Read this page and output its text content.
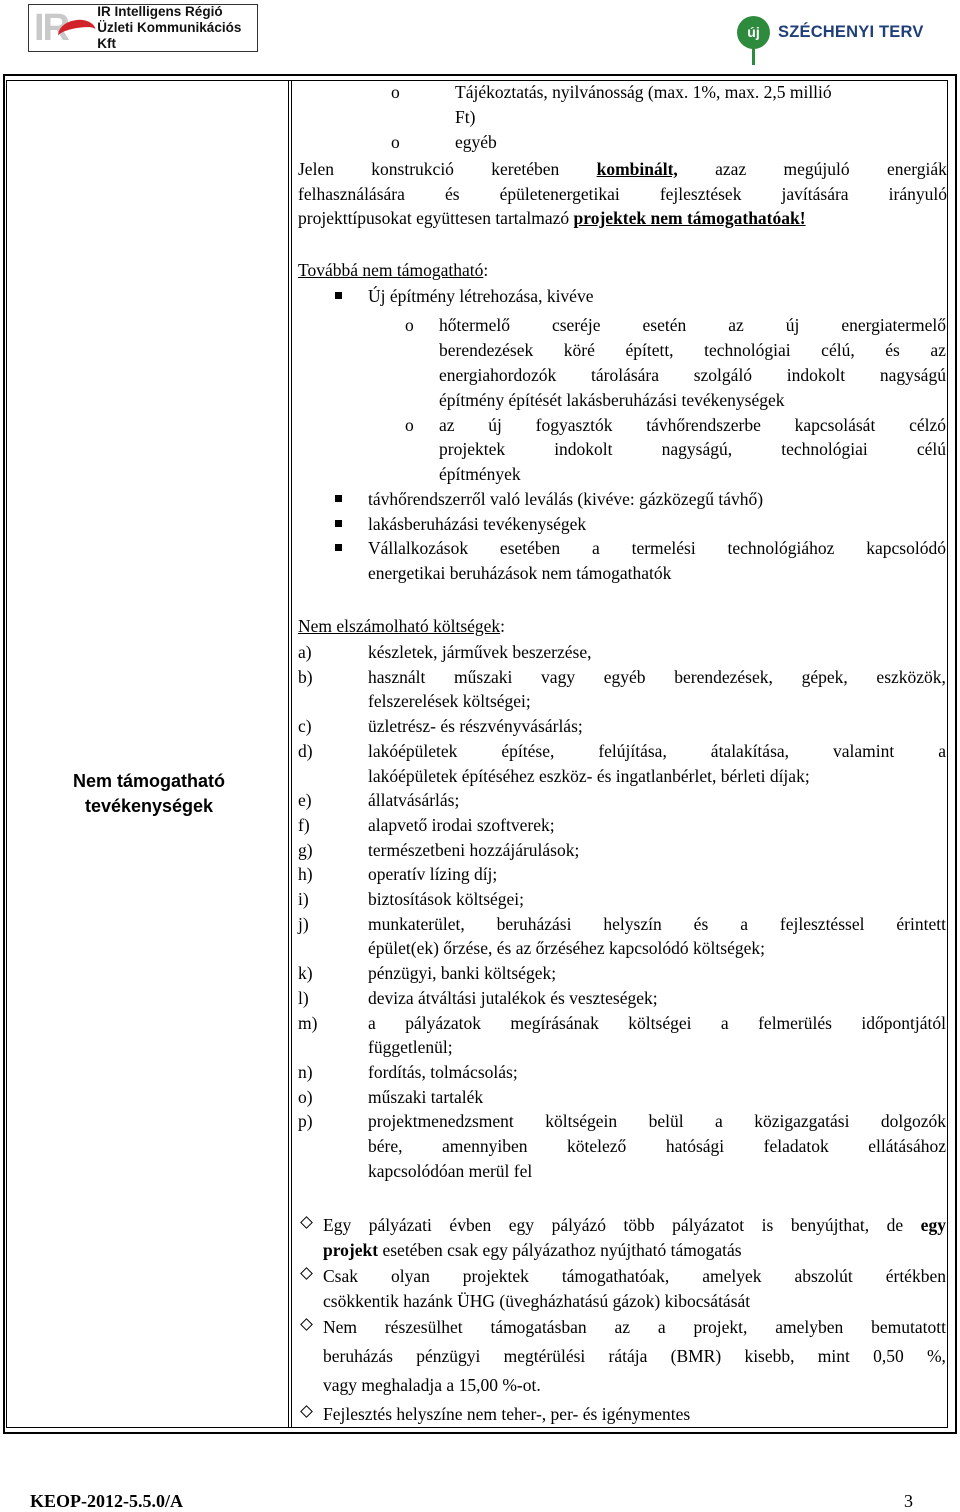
IR IR Intelligens Régió
Üzleti Kommunikációs Kft
új	SZÉCHENYI TERV
Nem támogatható
tevékenységek
o	Tájékoztatás, nyilvánosság (max. 1%, max. 2,5 millió
Ft)
o	egyéb
Jelen konstrukció keretében kombinált, azaz megújuló energiák
felhasználására és épületenergetikai fejlesztések javítására irányuló
projekttípusokat együttesen tartalmazó projektek nem támogathatóak!
Továbbá nem támogatható:
Új építmény létrehozása, kivéve
o hőtermelő cseréje esetén az új energiatermelő
berendezések köré épített, technológiai célú, és az
energiahordozók tárolására szolgáló indokolt nagyságú
építmény építését lakásberuházási tevékenységek
o az új fogyasztók távhőrendszerbe kapcsolását célzó
projektek	indokolt	nagyságú,	technológiai	célú
építmények
távhőrendszerről való leválás (kivéve: gázközegű távhő)
lakásberuházási tevékenységek
Vállalkozások esetében a termelési technológiához kapcsolódó
energetikai beruházások nem támogathatók
Nem elszámolható költségek:
a)	készletek, járművek beszerzése,
b)	használt műszaki vagy egyéb berendezések, gépek, eszközök,
felszerelések költségei;
c)	üzletrész- és részvényvásárlás;
d)	lakóépületek	építése,	felújítása,	átalakítása,	valamint	a
lakóépületek építéséhez eszköz- és ingatlanbérlet, bérleti díjak;
e)	állatvásárlás;
f)	alapvető irodai szoftverek;
g)	természetbeni hozzájárulások;
h)	operatív lízing díj;
i)	biztosítások költségei;
j)	munkaterület, beruházási helyszín és a fejlesztéssel érintett
épület(ek) őrzése, és az őrzéséhez kapcsolódó költségek;
k)	pénzügyi, banki költségek;
l)	deviza átváltási jutalékok és veszteségek;
m)	a pályázatok megírásának költségei a felmerülés időpontjától
függetlenül;
n)	fordítás, tolmácsolás;
o)	műszaki tartalék
p)	projektmenedzsment költségein belül a közigazgatási dolgozók
bére, amennyiben kötelező hatósági feladatok ellátásához
kapcsolódóan merül fel
Egy pályázati évben egy pályázó több pályázatot is benyújthat, de egy
projekt esetében csak egy pályázathoz nyújtható támogatás
Csak olyan projektek támogathatóak, amelyek abszolút értékben
csökkentik hazánk ÜHG (üvegházhatású gázok) kibocsátását
Nem részesülhet támogatásban az a projekt, amelyben bemutatott
beruházás pénzügyi megtérülési rátája (BMR) kisebb, mint 0,50 %,
vagy meghaladja a 15,00 %-ot.
Fejlesztés helyszíne nem teher-, per- és igénymentes
KEOP-2012-5.5.0/A	3
